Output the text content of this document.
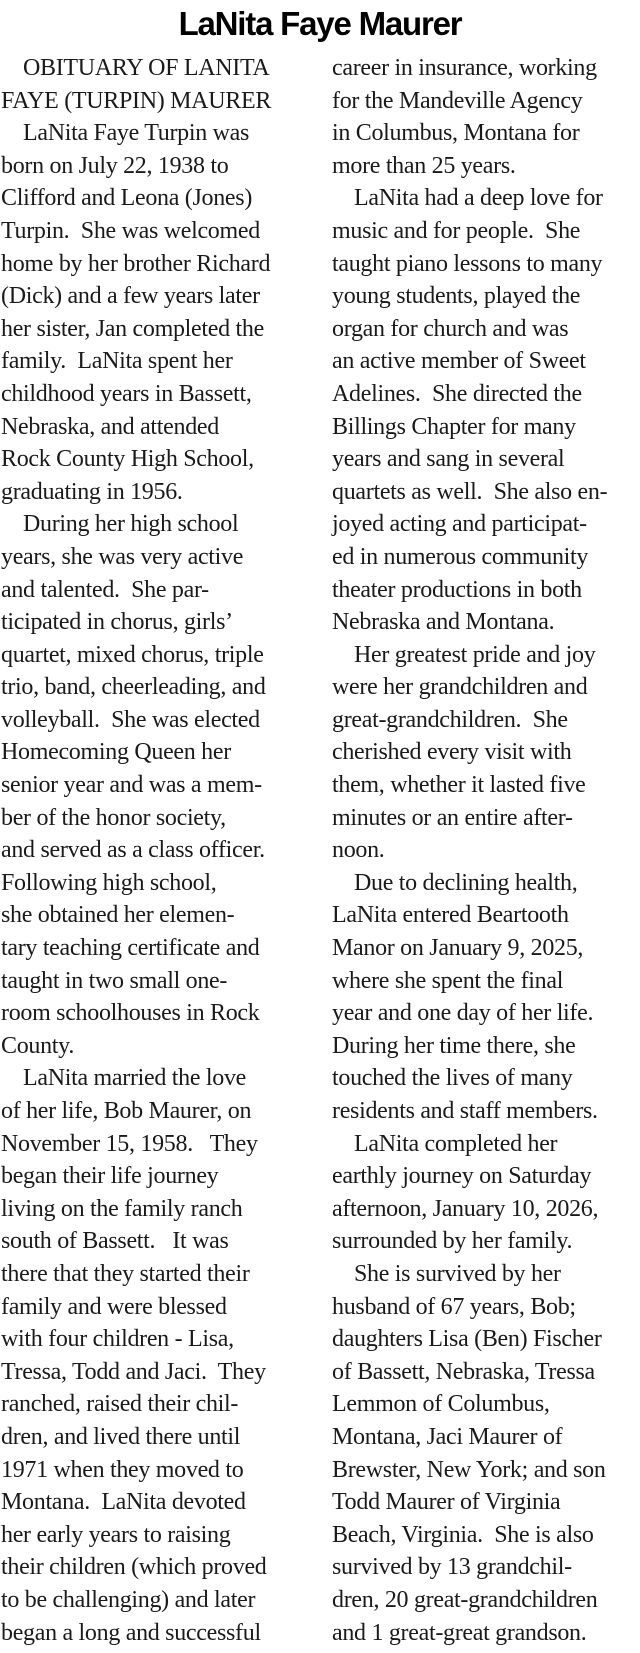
LaNita Faye Maurer
OBITUARY OF LANITA
FAYE (TURPIN) MAURER
LaNita Faye Turpin was
born on July 22, 1938 to
Clifford and Leona (Jones)
Turpin.  She was welcomed
home by her brother Richard
(Dick) and a few years later
her sister, Jan completed the
family.  LaNita spent her
childhood years in Bassett,
Nebraska, and attended
Rock County High School,
graduating in 1956.
During her high school
years, she was very active
and talented.  She par-
ticipated in chorus, girls’
quartet, mixed chorus, triple
trio, band, cheerleading, and
volleyball.  She was elected
Homecoming Queen her
senior year and was a mem-
ber of the honor society,
and served as a class officer.
Following high school,
she obtained her elemen-
tary teaching certificate and
taught in two small one-
room schoolhouses in Rock
County.
LaNita married the love
of her life, Bob Maurer, on
November 15, 1958.   They
began their life journey
living on the family ranch
south of Bassett.   It was
there that they started their
family and were blessed
with four children - Lisa,
Tressa, Todd and Jaci.  They
ranched, raised their chil-
dren, and lived there until
1971 when they moved to
Montana.  LaNita devoted
her early years to raising
their children (which proved
to be challenging) and later
began a long and successful
career in insurance, working
for the Mandeville Agency
in Columbus, Montana for
more than 25 years.
LaNita had a deep love for
music and for people.  She
taught piano lessons to many
young students, played the
organ for church and was
an active member of Sweet
Adelines.  She directed the
Billings Chapter for many
years and sang in several
quartets as well.  She also en-
joyed acting and participat-
ed in numerous community
theater productions in both
Nebraska and Montana.
Her greatest pride and joy
were her grandchildren and
great-grandchildren.  She
cherished every visit with
them, whether it lasted five
minutes or an entire after-
noon.
Due to declining health,
LaNita entered Beartooth
Manor on January 9, 2025,
where she spent the final
year and one day of her life.
During her time there, she
touched the lives of many
residents and staff members.
LaNita completed her
earthly journey on Saturday
afternoon, January 10, 2026,
surrounded by her family.
She is survived by her
husband of 67 years, Bob;
daughters Lisa (Ben) Fischer
of Bassett, Nebraska, Tressa
Lemmon of Columbus,
Montana, Jaci Maurer of
Brewster, New York; and son
Todd Maurer of Virginia
Beach, Virginia.  She is also
survived by 13 grandchil-
dren, 20 great-grandchildren
and 1 great-great grandson.
